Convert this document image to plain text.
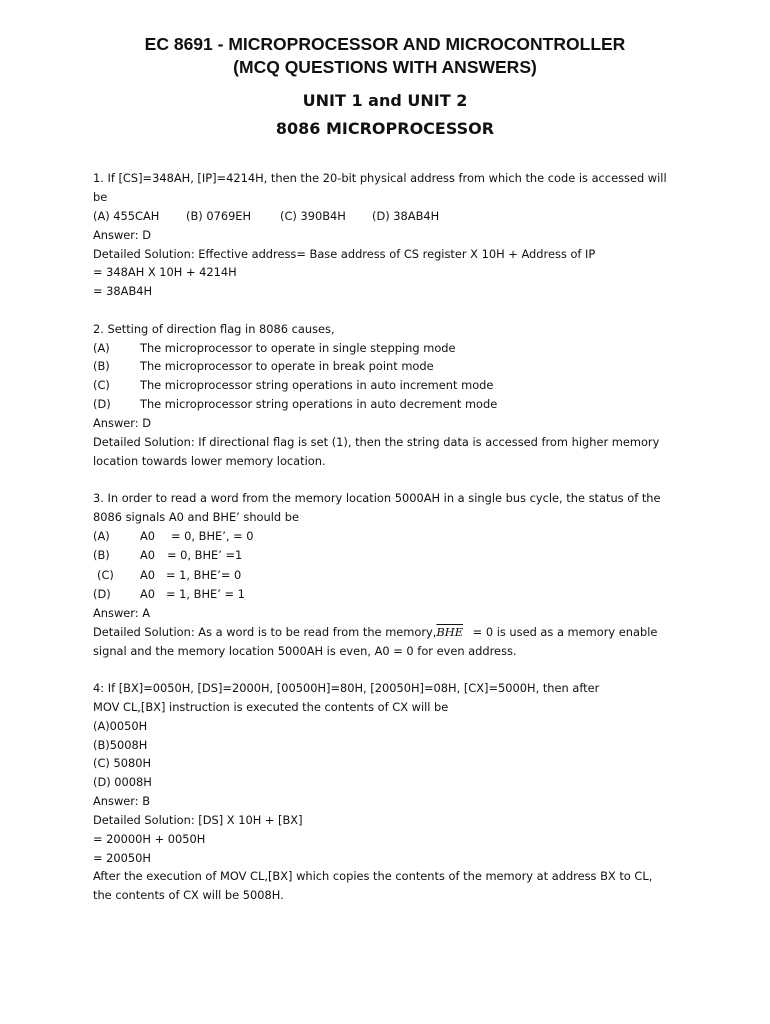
EC 8691 - MICROPROCESSOR AND MICROCONTROLLER
(MCQ QUESTIONS WITH ANSWERS)
UNIT 1 and UNIT 2
8086 MICROPROCESSOR
1. If [CS]=348AH, [IP]=4214H, then the 20-bit physical address from which the code is accessed will
be
(A) 455CAH (B) 0769EH	(C) 390B4H (D) 38AB4H
Answer: D
Detailed Solution: Effective address= Base address of CS register X 10H + Address of IP
= 348AH X 10H + 4214H
= 38AB4H
2. Setting of direction flag in 8086 causes,
(A)	The microprocessor to operate in single stepping mode
(B)	The microprocessor to operate in break point mode
(C)	The microprocessor string operations in auto increment mode
(D)	The microprocessor string operations in auto decrement mode
Answer: D
Detailed Solution: If directional flag is set (1), then the string data is accessed from higher memory
location towards lower memory location.
3. In order to read a word from the memory location 5000AH in a single bus cycle, the status of the
8086 signals A0 and BHE’ should be
(A)	A0 = 0, BHE’, = 0
(B)	A0 = 0, BHE’ =1
(C) A0 = 1, BHE’= 0
(D)	A0 = 1, BHE’ = 1
Answer: A
Detailed Solution: As a word is to be read from the $memory,\overline{BHE} = 0$ is used as a memory enable
signal and the memory location 5000AH is even, A0 = 0 for even address.
4: If [BX]=0050H, [DS]=2000H, [00500H]=80H, [20050H]=08H, [CX]=5000H, then after
MOV CL,[BX] instruction is executed the contents of CX will be
(A)0050H
(B)5008H
(C) 5080H
(D) 0008H
Answer: B
Detailed Solution: [DS] X 10H + [BX]
= 20000H + 0050H
= 20050H
After the execution of MOV CL,[BX] which copies the contents of the memory at address BX to CL,
the contents of CX will be 5008H.
